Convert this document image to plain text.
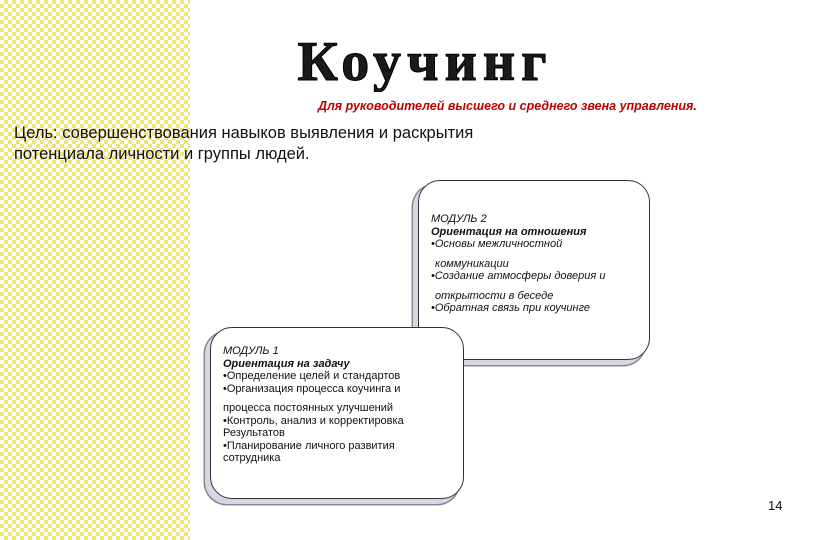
Коучинг
Для руководителей высшего и среднего звена управления.
Цель: совершенствования навыков выявления и раскрытия
потенциала личности и группы людей.

МОДУЛЬ 2

Ориентация на отношения

•Основы межличностной

коммуникации

•Создание атмосферы доверия и

открытости в беседе

•Обратная связь при коучинге

МОДУЛЬ 1

Ориентация на задачу

•Определение целей и стандартов

•Организация процесса коучинга и

процесса постоянных улучшений

•Контроль, анализ и корректировка

Результатов

•Планирование личного развития

сотрудника

14
